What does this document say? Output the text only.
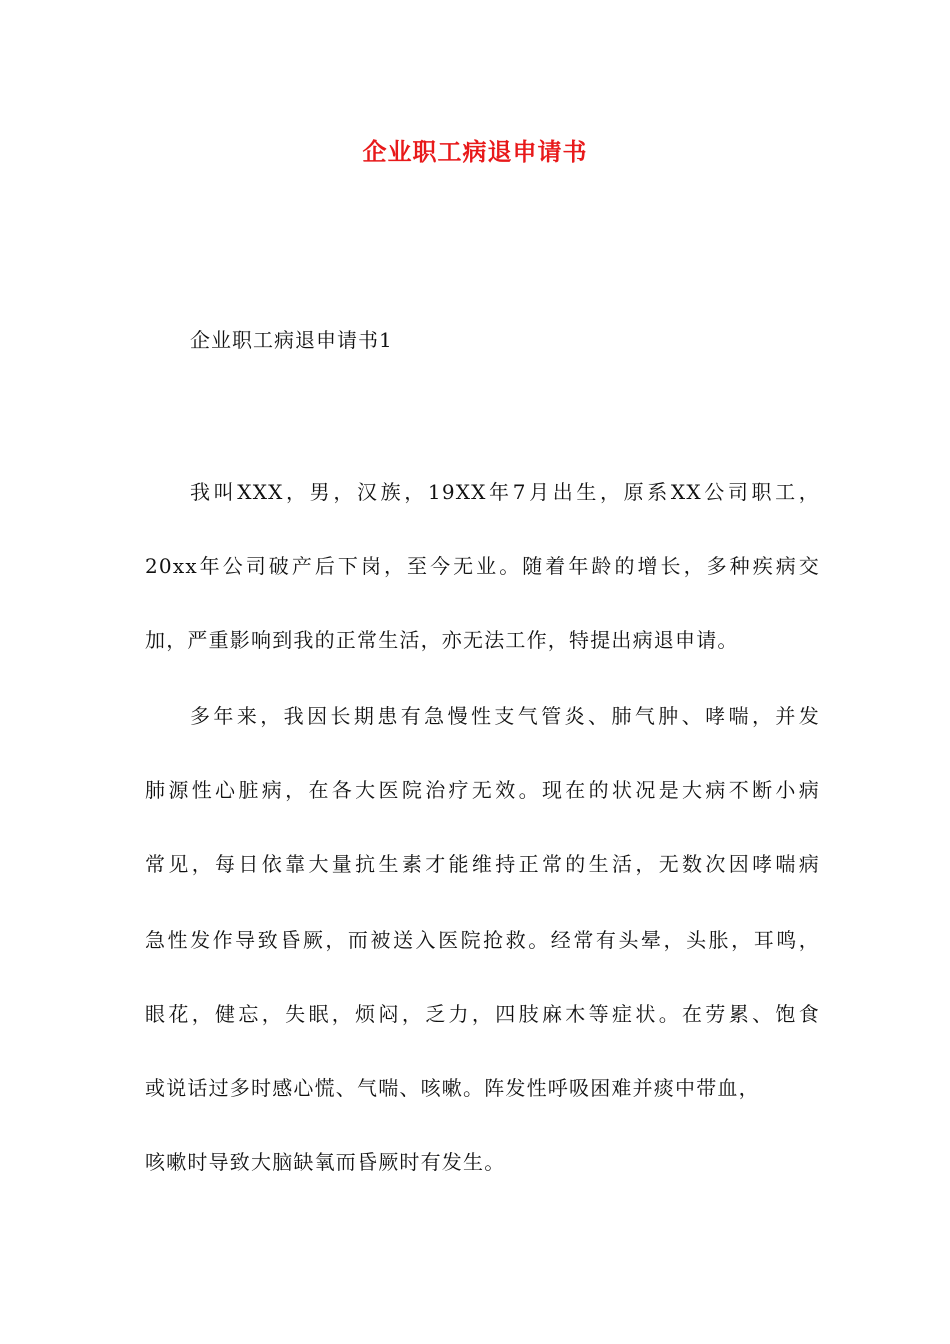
企业职工病退申请书
企业职工病退申请书1
我叫XXX，男，汉族，19XX年7月出生，原系XX公司职工，
20xx年公司破产后下岗，至今无业。随着年龄的增长，多种疾病交
加，严重影响到我的正常生活，亦无法工作，特提出病退申请。
多年来，我因长期患有急慢性支气管炎、肺气肿、哮喘，并发
肺源性心脏病，在各大医院治疗无效。现在的状况是大病不断小病
常见，每日依靠大量抗生素才能维持正常的生活，无数次因哮喘病
急性发作导致昏厥，而被送入医院抢救。经常有头晕，头胀，耳鸣，
眼花，健忘，失眠，烦闷，乏力，四肢麻木等症状。在劳累、饱食
或说话过多时感心慌、气喘、咳嗽。阵发性呼吸困难并痰中带血，
咳嗽时导致大脑缺氧而昏厥时有发生。
